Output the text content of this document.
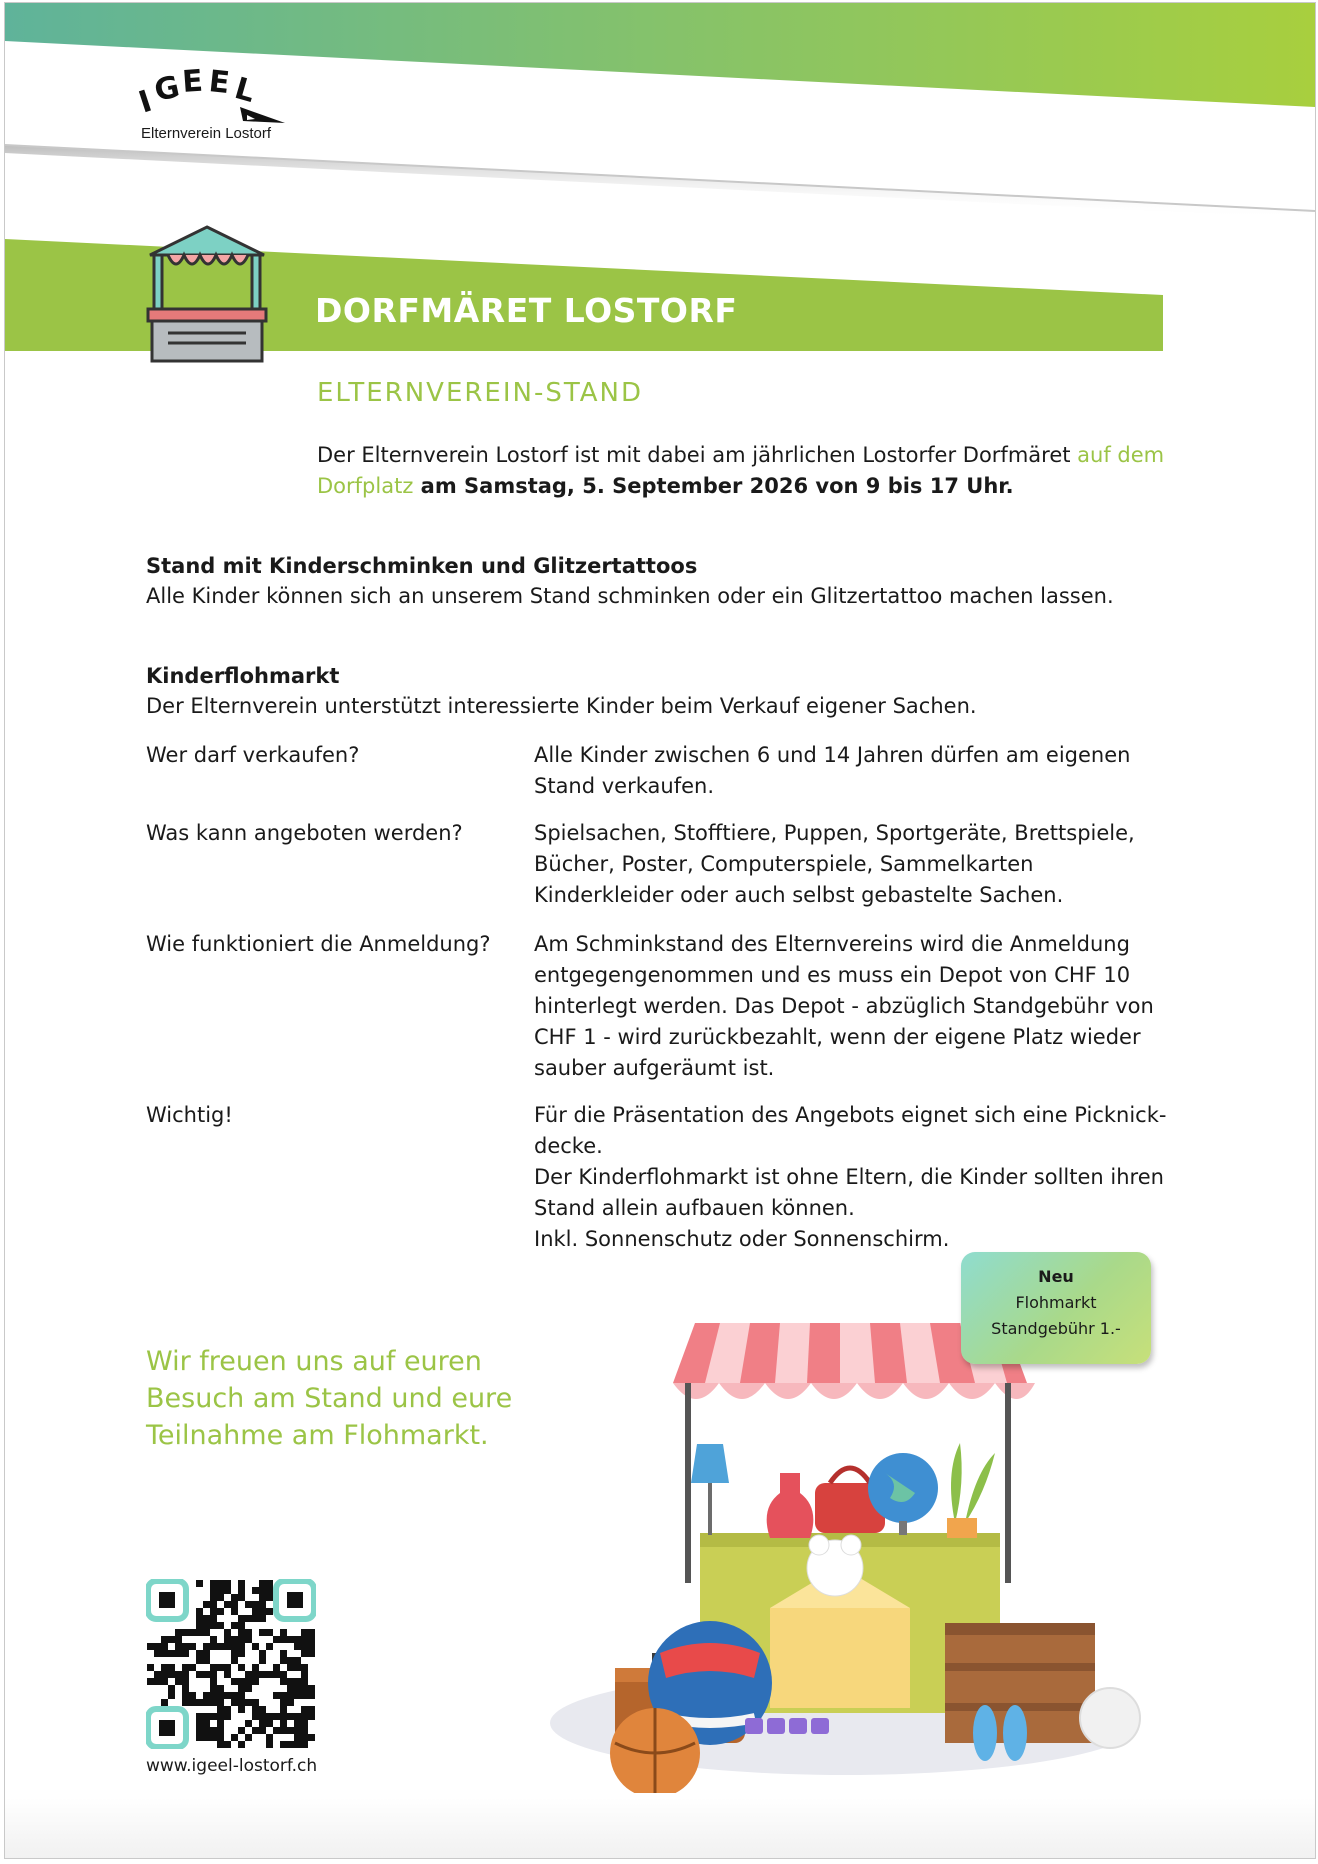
I
G
E E L
Elternverein Lostorf
DORFMÄRET LOSTORF
ELTERNVEREIN-STAND
Der Elternverein Lostorf ist mit dabei am jährlichen Lostorfer Dorfmäret auf dem Dorfplatz am Samstag, 5. September 2026 von 9 bis 17 Uhr.
Stand mit Kinderschminken und Glitzertattoos
Alle Kinder können sich an unserem Stand schminken oder ein Glitzertattoo machen lassen.
Kinderflohmarkt
Der Elternverein unterstützt interessierte Kinder beim Verkauf eigener Sachen.
Wer darf verkaufen?	Alle Kinder zwischen 6 und 14 Jahren dürfen am eigenen
Stand verkaufen.
Was kann angeboten werden?	Spielsachen, Stofftiere, Puppen, Sportgeräte, Brettspiele,
Bücher, Poster, Computerspiele, Sammelkarten
Kinderkleider oder auch selbst gebastelte Sachen.
Wie funktioniert die Anmeldung?	Am Schminkstand des Elternvereins wird die Anmeldung
entgegengenommen und es muss ein Depot von CHF 10
hinterlegt werden. Das Depot - abzüglich Standgebühr von
CHF 1 - wird zurückbezahlt, wenn der eigene Platz wieder
sauber aufgeräumt ist.
Wichtig!	Für die Präsentation des Angebots eignet sich eine Picknick-
decke.
Der Kinderflohmarkt ist ohne Eltern, die Kinder sollten ihren
Stand allein aufbauen können.
Inkl. Sonnenschutz oder Sonnenschirm.
Wir freuen uns auf euren
Besuch am Stand und eure
Teilnahme am Flohmarkt.
Neu
Flohmarkt
Standgebühr 1.-
www.igeel-lostorf.ch
